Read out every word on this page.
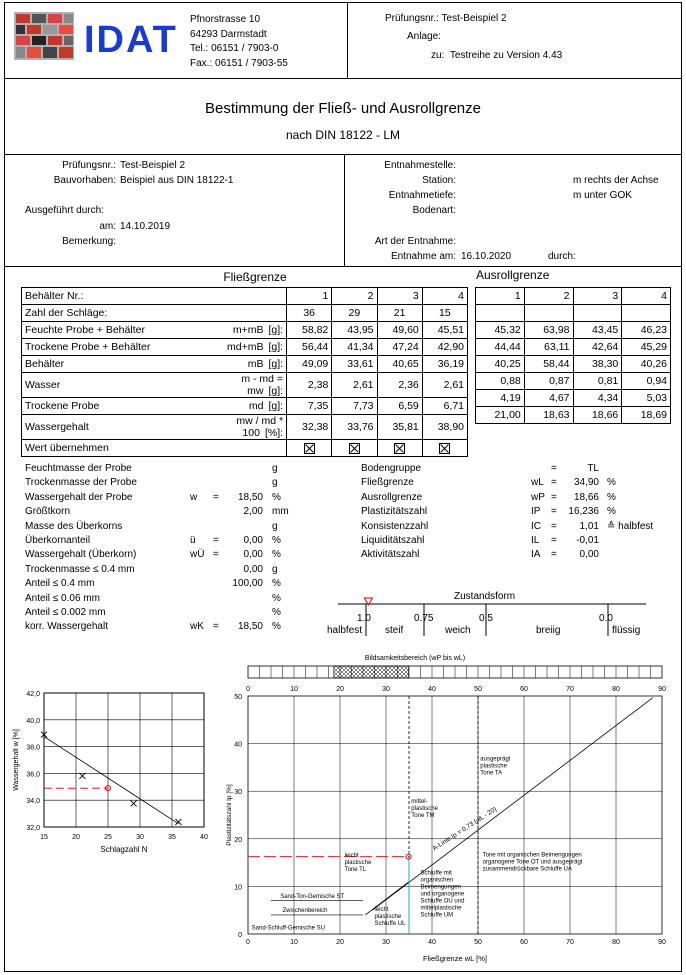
IDAT Pfnorstrasse 10
64293 Darmstadt
Tel.: 06151 / 7903-0
Fax.: 06151 / 7903-55
Prüfungsnr.: Test-Beispiel 2
Anlage:
zu: Testreihe zu Version 4.43
Bestimmung der Fließ- und Ausrollgrenze
nach DIN 18122 - LM
Prüfungsnr.: Test-Beispiel 2
Bauvorhaben: Beispiel aus DIN 18122-1
Ausgeführt durch:
am: 14.10.2019
Bemerkung:
Entnahmestelle:
Station:	m rechts der Achse
Entnahmetiefe:	m unter GOK
Bodenart:
Art der Entnahme:
Entnahme am: 16.10.2020	durch:
Fließgrenze	Ausrollgrenze
Behälter Nr.:		1	2	3	4
Zahl der Schläge:		36	29	21	15
Feuchte Probe + Behälter	m+mB [g]:	58,82	43,95	49,60	45,51
Trockene Probe + Behälter	md+mB [g]:	56,44	41,34	47,24	42,90
Behälter	mB [g]:	49,09	33,61	40,65	36,19
Wasser	m - md = mw [g]:	2,38	2,61	2,36	2,61
Trockene Probe	md [g]:	7,35	7,73	6,59	6,71
Wassergehalt	mw / md * 100 [%]:	32,38	33,76	35,81	38,90
Wert übernehmen					
1	2	3	4

45,32	63,98	43,45	46,23
44,44	63,11	42,64	45,29
40,25	58,44	38,30	40,26
0,88	0,87	0,81	0,94
4,19	4,67	4,34	5,03
21,00	18,63	18,66	18,69
Feuchtmasse der Probe	g
Trockenmasse der Probe	g
Wassergehalt der Probe	w =	18,50 %
Größtkorn	2,00 mm
Masse des Überkorns	g
Überkornanteil	ü =	0,00 %
Wassergehalt (Überkorn)	wÜ =	0,00 %
Trockenmasse ≤ 0.4 mm	0,00 g
Anteil ≤ 0.4 mm	100,00 %
Anteil ≤ 0.06 mm	%
Anteil ≤ 0.002 mm	%
korr. Wassergehalt	wK =	18,50 %
Bodengruppe	=	TL
Fließgrenze	wL =	34,90 %
Ausrollgrenze	wP =	18,66 %
Plastizitätszahl	IP =	16,236 %
Konsistenzzahl	IC =	1,01 ≙ halbfest
Liquiditätszahl	IL =	-0,01
Aktivitätszahl	IA =	0,00
Zustandsform
1.0	0.75	0.5	0.0
halbfest steif	weich	breiig	flüssig
15	20	25	30	35	40
32,0
34,0
36,0
38,0
40,0
42,0
Schlagzahl N
Wassergehalt w [%]
Bildsamkeitsbereich (wP bis wL)
0	10	20	30	40	50	60	70	80	90
0	10	20	30	40	50	60	70	80	90
0
10
20
30
40
50
ausgeprägt plastische Tone TA
mittel-plastische Tone TM
leicht plastische Tone TL
Schluffe mit organischen Beimengungen und organogene Schluffe OU und mittelplastische Schluffe UM
Tone mit organischen Beimengungen organogene Tone OT und ausgeprägt zusammendrückbare Schluffe UA
Sand-Ton-Gemische ST
Zwischenbereich
Sand-Schluff-Gemische SU
leicht plastische Schluffe UL
A-Linie Ip = 0,73 (wL - 20)
Fließgrenze wL [%]
Plastizitätszahl Ip [%]
